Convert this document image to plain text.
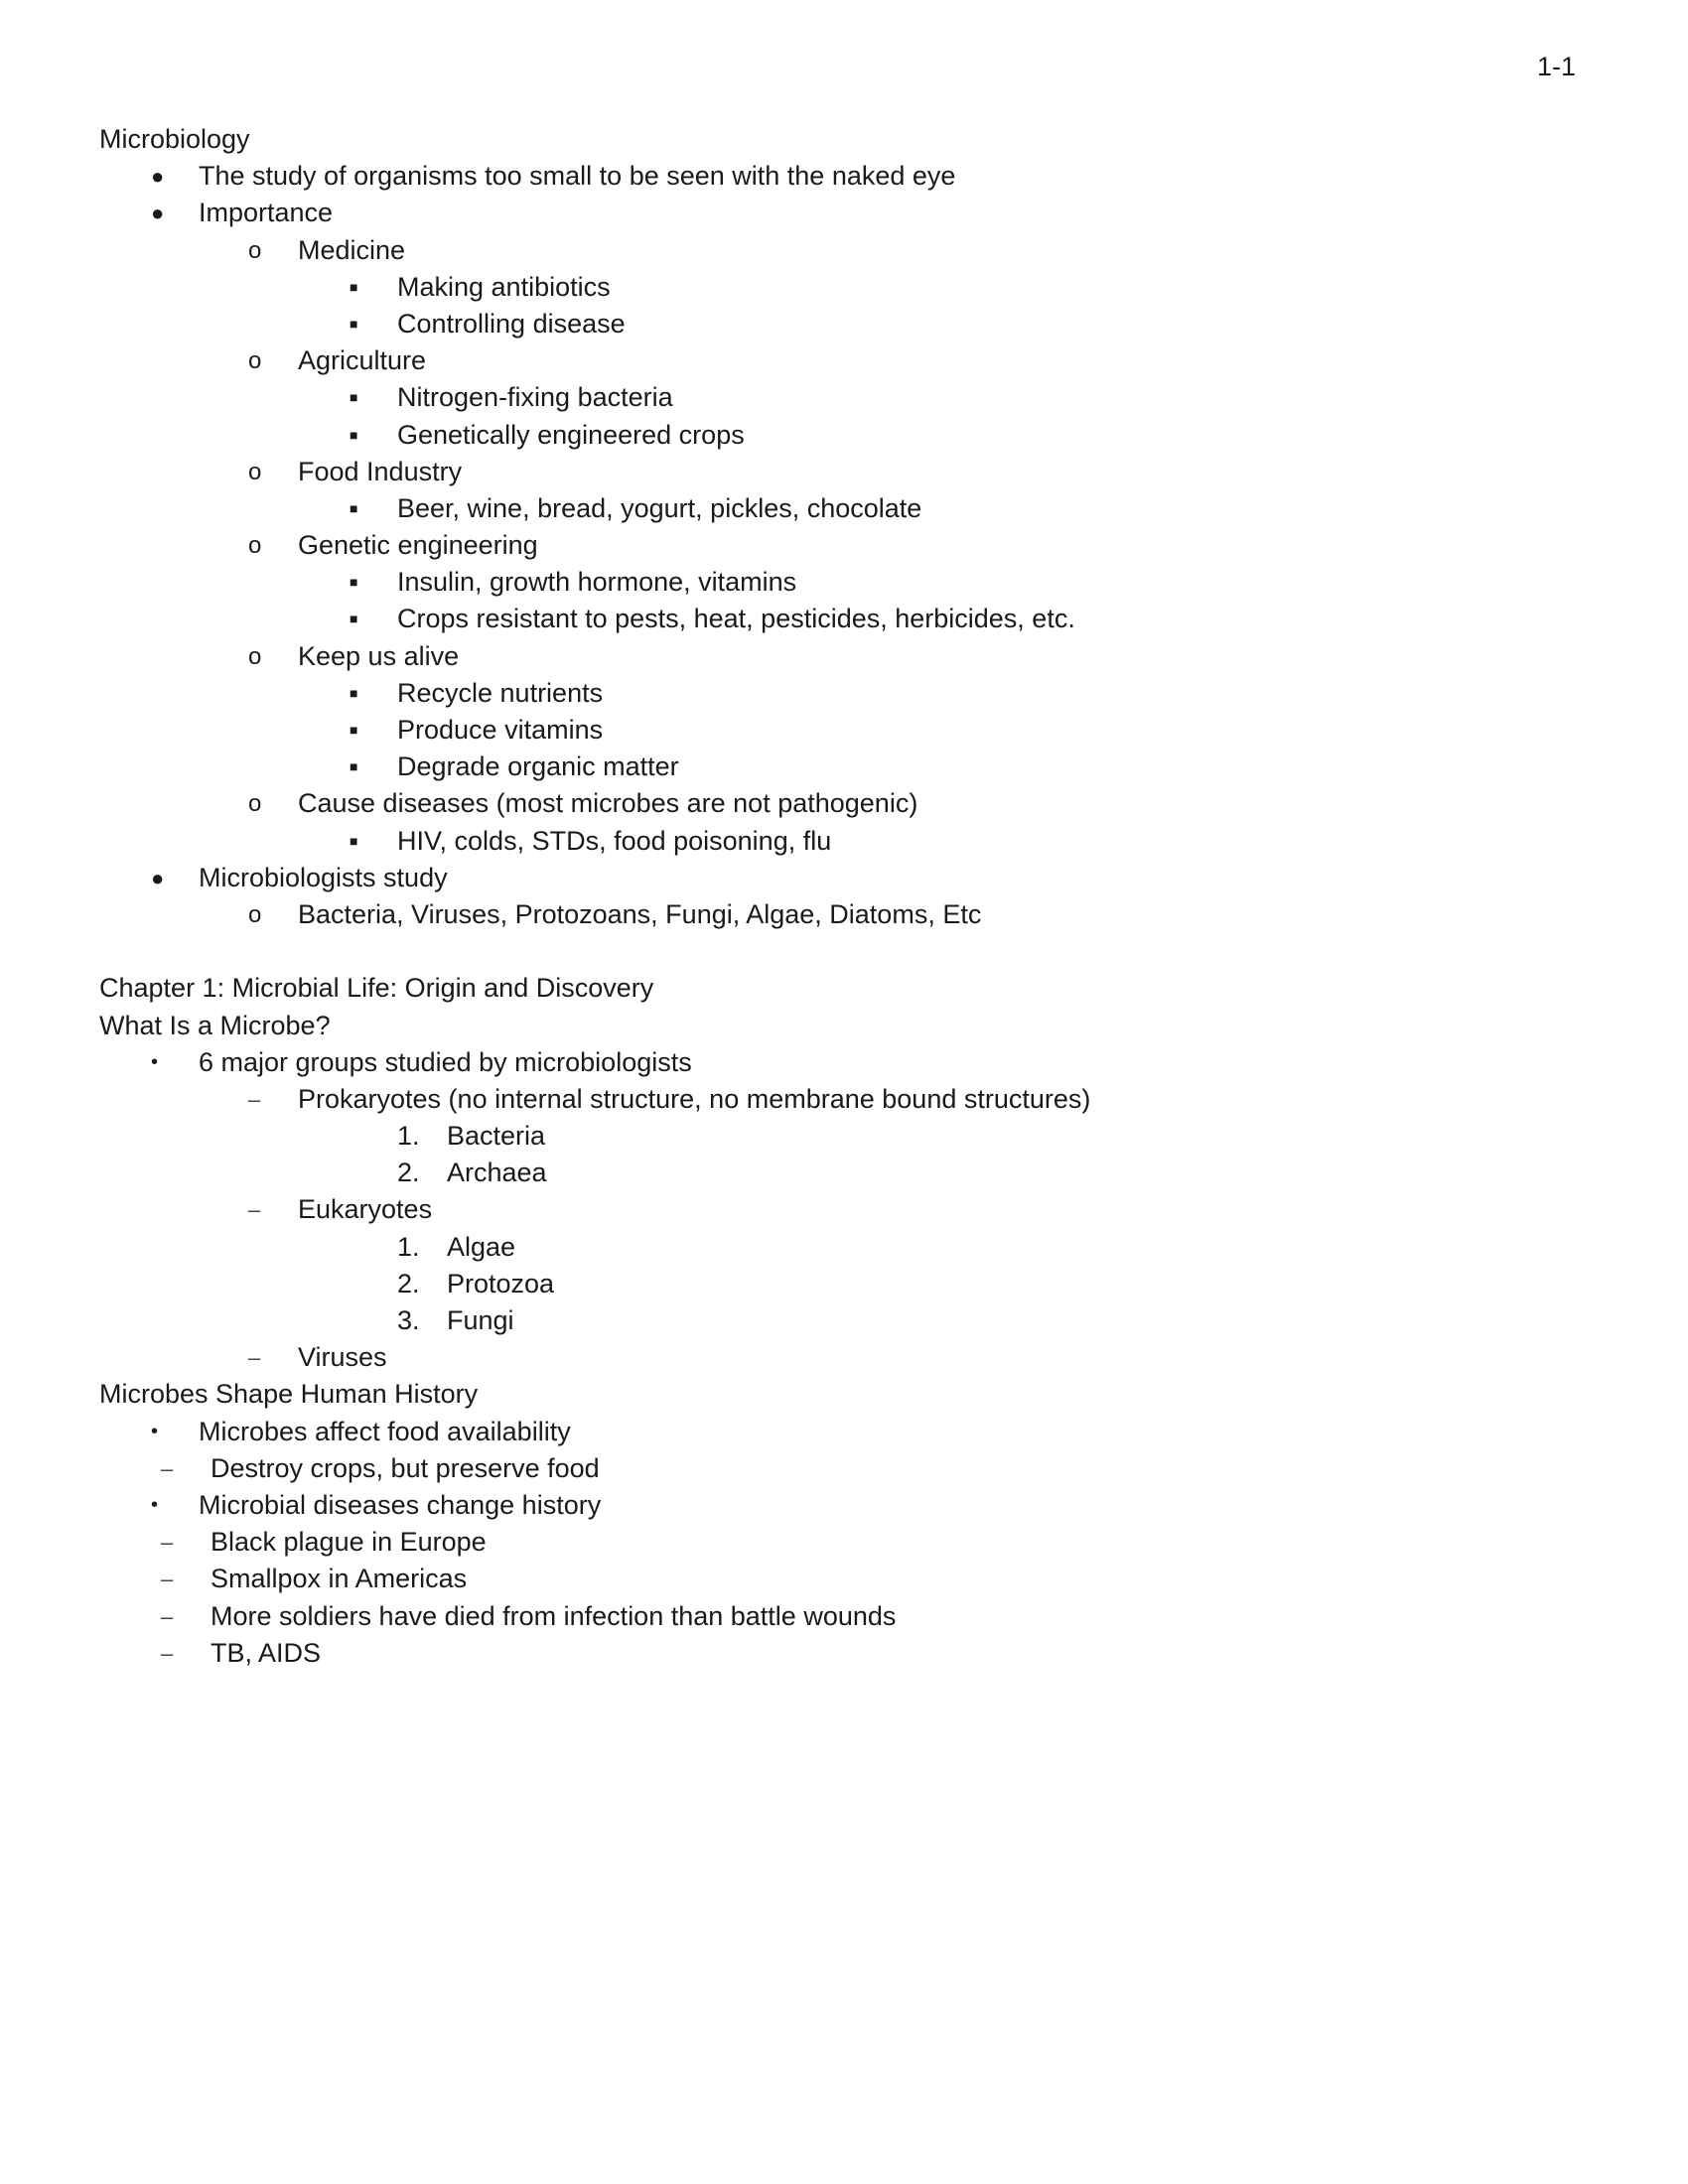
1-1
Microbiology
● The study of organisms too small to be seen with the naked eye
● Importance
o Medicine
■ Making antibiotics
■ Controlling disease
o Agriculture
■ Nitrogen-fixing bacteria
■ Genetically engineered crops
o Food Industry
■ Beer, wine, bread, yogurt, pickles, chocolate
o Genetic engineering
■ Insulin, growth hormone, vitamins
■ Crops resistant to pests, heat, pesticides, herbicides, etc.
o Keep us alive
■ Recycle nutrients
■ Produce vitamins
■ Degrade organic matter
o Cause diseases (most microbes are not pathogenic)
■ HIV, colds, STDs, food poisoning, flu
● Microbiologists study
o Bacteria, Viruses, Protozoans, Fungi, Algae, Diatoms, Etc
Chapter 1: Microbial Life: Origin and Discovery
What Is a Microbe?
• 6 major groups studied by microbiologists
– Prokaryotes (no internal structure, no membrane bound structures)
1. Bacteria
2. Archaea
– Eukaryotes
1. Algae
2. Protozoa
3. Fungi
– Viruses
Microbes Shape Human History
• Microbes affect food availability
– Destroy crops, but preserve food
• Microbial diseases change history
– Black plague in Europe
– Smallpox in Americas
– More soldiers have died from infection than battle wounds
– TB, AIDS
